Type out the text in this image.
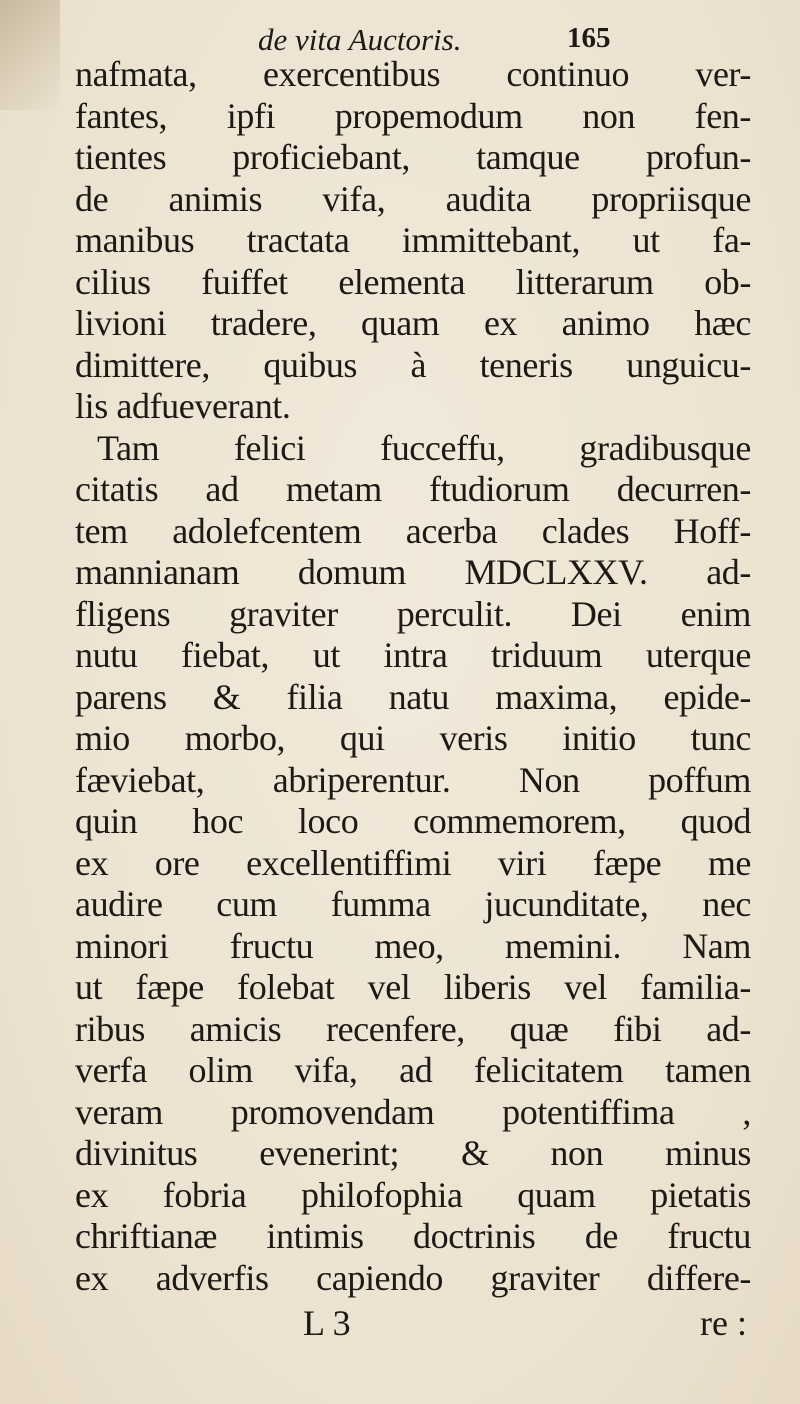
de vita Auctoris.	165
nafmata, exercentibus continuo ver-
fantes, ipfi propemodum non fen-
tientes proficiebant, tamque profun-
de animis vifa, audita propriisque
manibus tractata immittebant, ut fa-
cilius fuiffet elementa litterarum ob-
livioni tradere, quam ex animo hæc
dimittere, quibus à teneris unguicu-
lis adfueverant.
Tam felici fucceffu, gradibusque
citatis ad metam ftudiorum decurren-
tem adolefcentem acerba clades Hoff-
mannianam domum MDCLXXV. ad-
fligens graviter perculit. Dei enim
nutu fiebat, ut intra triduum uterque
parens & filia natu maxima, epide-
mio morbo, qui veris initio tunc
fæviebat, abriperentur. Non poffum
quin hoc loco commemorem, quod
ex ore excellentiffimi viri fæpe me
audire cum fumma jucunditate, nec
minori fructu meo, memini. Nam
ut fæpe folebat vel liberis vel familia-
ribus amicis recenfere, quæ fibi ad-
verfa olim vifa, ad felicitatem tamen
veram promovendam potentiffima ,
divinitus evenerint; & non minus
ex fobria philofophia quam pietatis
chriftianæ intimis doctrinis de fructu
ex adverfis capiendo graviter differe-
L 3	re :
